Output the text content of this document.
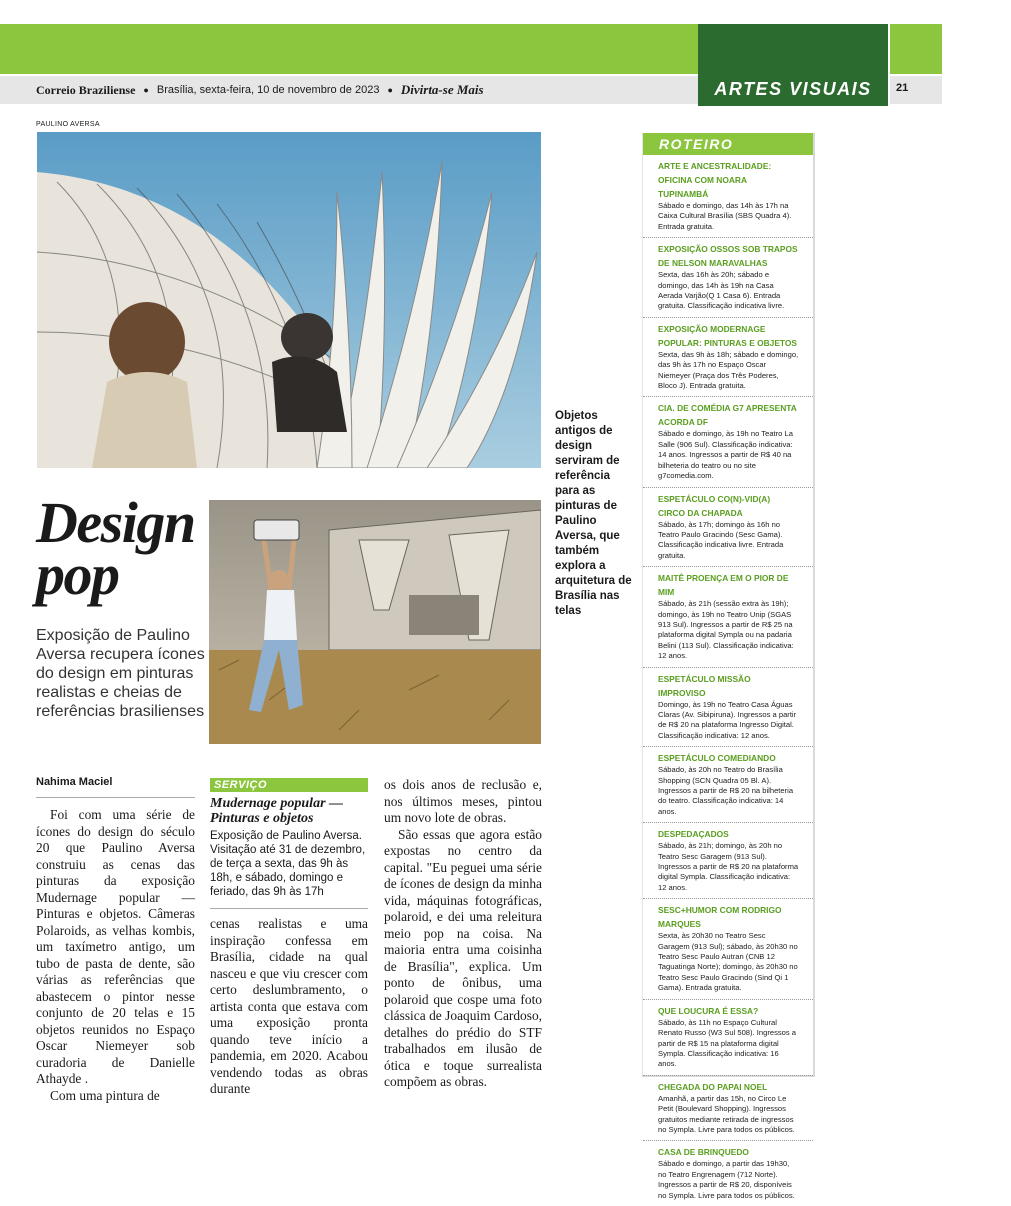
Correio Braziliense ● Brasília, sexta-feira, 10 de novembro de 2023 ● Divirta-se Mais	ARTES VISUAIS	21
PAULINO AVERSA
Objetos antigos de design serviram de referência para as pinturas de Paulino Aversa, que também explora a arquitetura de Brasília nas telas
Design
pop
Exposição de Paulino Aversa recupera ícones do design em pinturas realistas e cheias de referências brasilienses
Nahima Maciel

Foi com uma série de ícones do design do século 20 que Paulino Aversa construiu as cenas das pinturas da exposição Mudernage popular — Pinturas e objetos. Câmeras Polaroids, as velhas kombis, um taxímetro antigo, um tubo de pasta de dente, são várias as referências que abastecem o pintor nesse conjunto de 20 telas e 15 objetos reunidos no Espaço Oscar Niemeyer sob curadoria de Danielle Athayde .

Com uma pintura de

SERVIÇO
Mudernage popular — Pinturas e objetos
Exposição de Paulino Aversa. Visitação até 31 de dezembro, de terça a sexta, das 9h às 18h, e sábado, domingo e feriado, das 9h às 17h

cenas realistas e uma inspiração confessa em Brasília, cidade na qual nasceu e que viu crescer com certo deslumbramento, o artista conta que estava com uma exposição pronta quando teve início a pandemia, em 2020. Acabou vendendo todas as obras durante

os dois anos de reclusão e, nos últimos meses, pintou um novo lote de obras.

São essas que agora estão expostas no centro da capital. "Eu peguei uma série de ícones de design da minha vida, máquinas fotográficas, polaroid, e dei uma releitura meio pop na coisa. Na maioria entra uma coisinha de Brasília", explica. Um ponto de ônibus, uma polaroid que cospe uma foto clássica de Joaquim Cardoso, detalhes do prédio do STF trabalhados em ilusão de ótica e toque surrealista compõem as obras.

ROTEIRO
ARTE E ANCESTRALIDADE: OFICINA COM NOARA TUPINAMBÁ
Sábado e domingo, das 14h às 17h na Caixa Cultural Brasília (SBS Quadra 4). Entrada gratuita.
EXPOSIÇÃO OSSOS SOB TRAPOS DE NELSON MARAVALHAS
Sexta, das 16h às 20h; sábado e domingo, das 14h às 19h na Casa Aerada Varjão(Q 1 Casa 6). Entrada gratuita. Classificação indicativa livre.
EXPOSIÇÃO MODERNAGE POPULAR: PINTURAS E OBJETOS
Sexta, das 9h às 18h; sábado e domingo, das 9h às 17h no Espaço Oscar Niemeyer (Praça dos Três Poderes, Bloco J). Entrada gratuita.
CIA. DE COMÉDIA G7 APRESENTA ACORDA DF
Sábado e domingo, às 19h no Teatro La Salle (906 Sul). Classificação indicativa: 14 anos. Ingressos a partir de R$ 40 na bilheteria do teatro ou no site g7comedia.com.
ESPETÁCULO CO(N)-VID(A) CIRCO DA CHAPADA
Sábado, às 17h; domingo às 16h no Teatro Paulo Gracindo (Sesc Gama). Classificação indicativa livre. Entrada gratuita.
MAITÊ PROENÇA EM O PIOR DE MIM
Sábado, às 21h (sessão extra às 19h); domingo, às 19h no Teatro Unip (SGAS 913 Sul). Ingressos a partir de R$ 25 na plataforma digital Sympla ou na padaria Belini (113 Sul). Classificação indicativa: 12 anos.
ESPETÁCULO MISSÃO IMPROVISO
Domingo, às 19h no Teatro Casa Águas Claras (Av. Sibipiruna). Ingressos a partir de R$ 20 na plataforma Ingresso Digital. Classificação indicativa: 12 anos.
ESPETÁCULO COMEDIANDO
Sábado, às 20h no Teatro do Brasília Shopping (SCN Quadra 05 Bl. A). Ingressos a partir de R$ 20 na bilheteria do teatro. Classificação indicativa: 14 anos.
DESPEDAÇADOS
Sábado, às 21h; domingo, às 20h no Teatro Sesc Garagem (913 Sul). Ingressos a partir de R$ 20 na plataforma digital Sympla. Classificação indicativa: 12 anos.
SESC+HUMOR COM RODRIGO MARQUES
Sexta, às 20h30 no Teatro Sesc Garagem (913 Sul); sábado, às 20h30 no Teatro Sesc Paulo Autran (CNB 12 Taguatinga Norte); domingo, às 20h30 no Teatro Sesc Paulo Gracindo (Sind Qi 1 Gama). Entrada gratuita.
QUE LOUCURA É ESSA?
Sábado, às 11h no Espaço Cultural Renato Russo (W3 Sul 508). Ingressos a partir de R$ 15 na plataforma digital Sympla. Classificação indicativa: 16 anos.
CHEGADA DO PAPAI NOEL
Amanhã, a partir das 15h, no Circo Le Petit (Boulevard Shopping). Ingressos gratuitos mediante retirada de ingressos no Sympla. Livre para todos os públicos.
CASA DE BRINQUEDO
Sábado e domingo, a partir das 19h30, no Teatro Engrenagem (712 Norte). Ingressos a partir de R$ 20, disponíveis no Sympla. Livre para todos os públicos.
